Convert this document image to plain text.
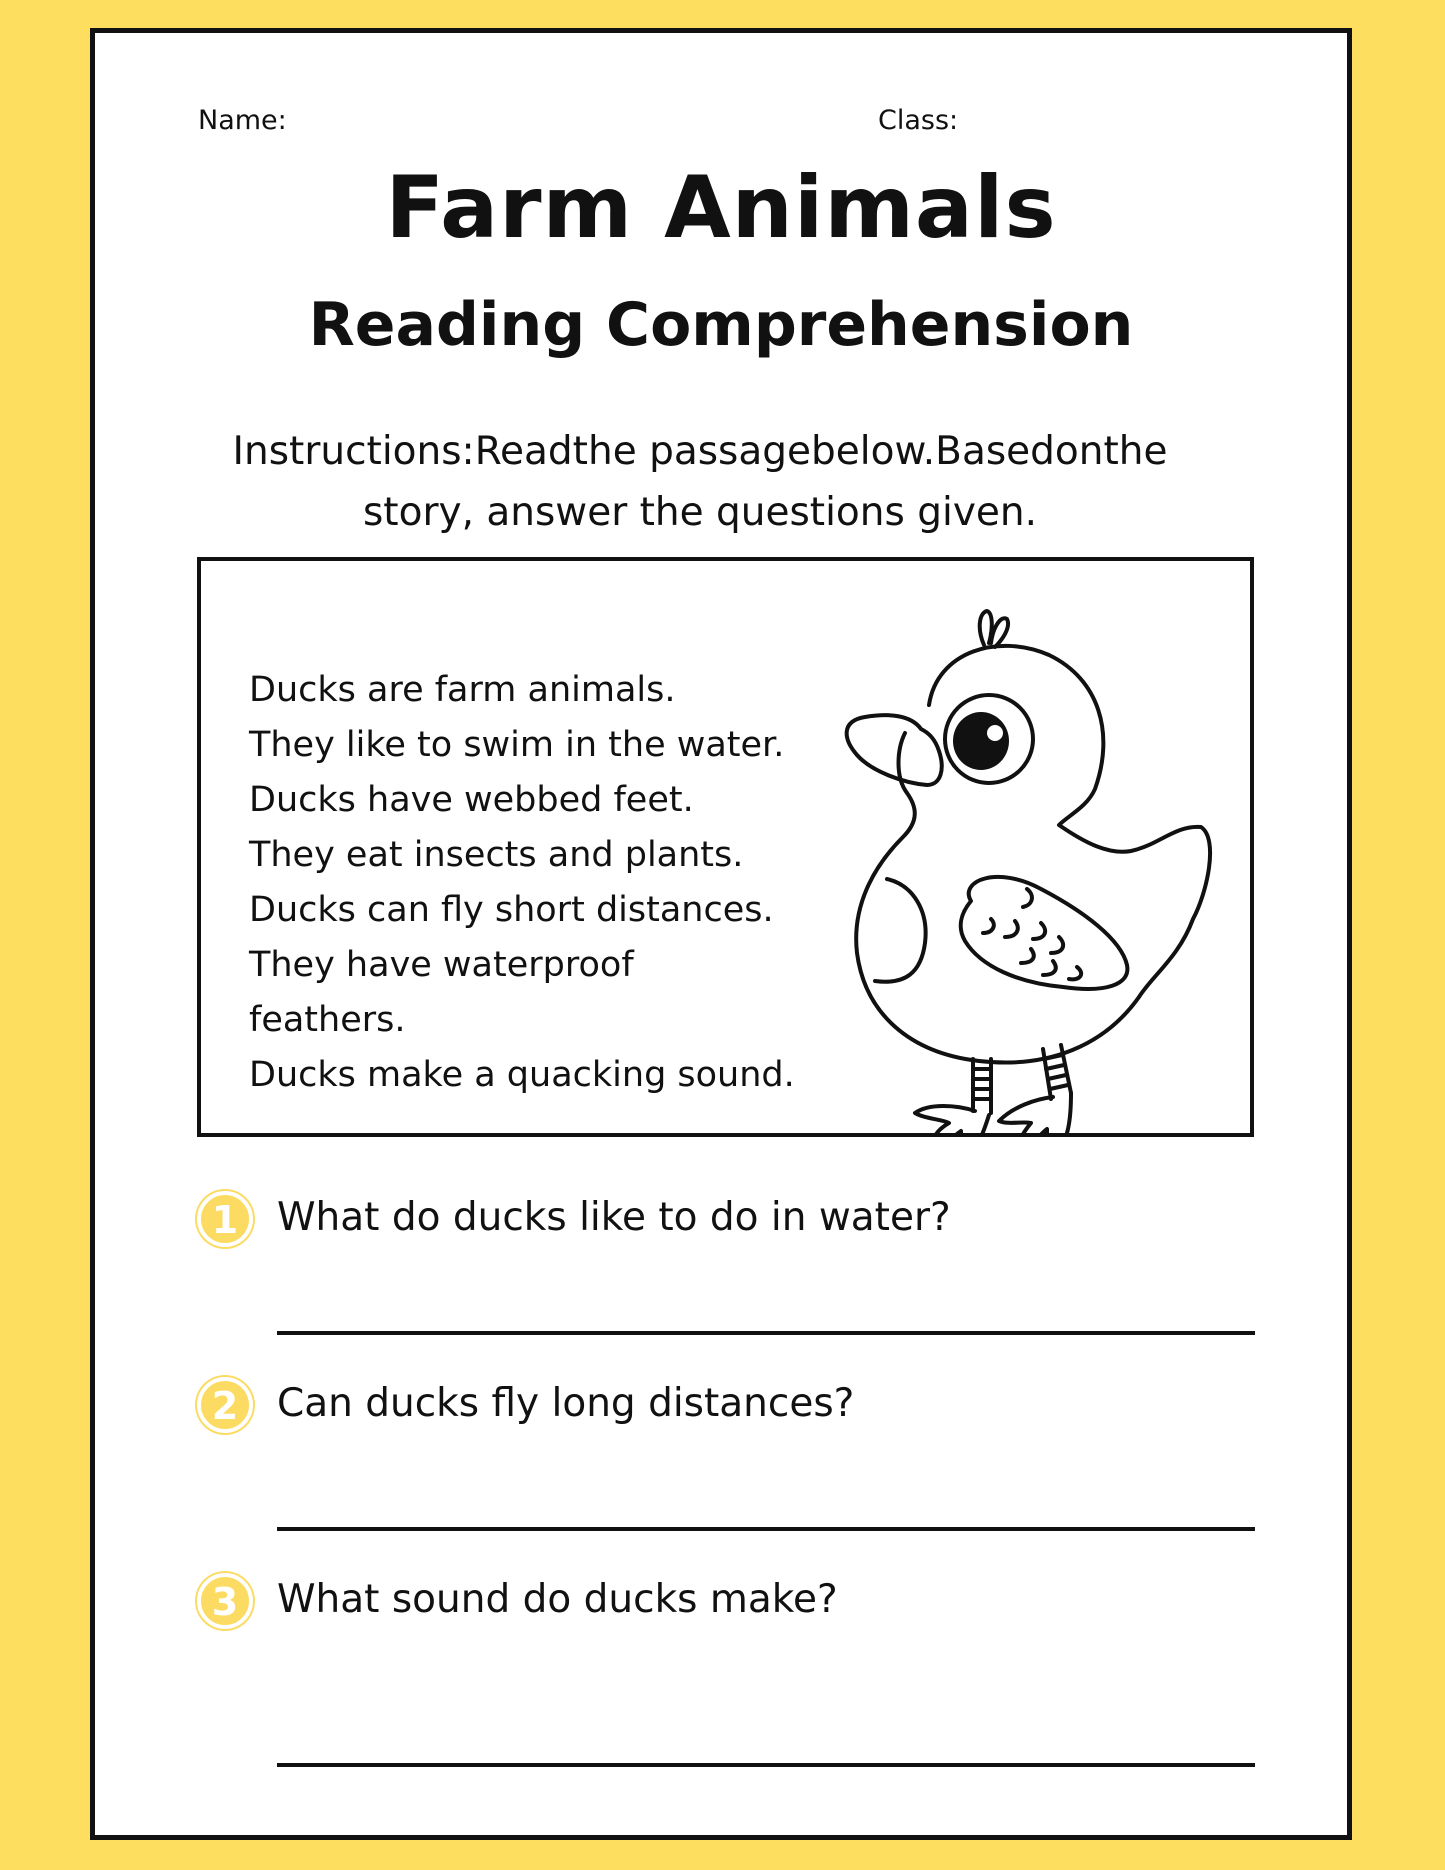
Name:	Class:
Farm Animals
Reading Comprehension
Instructions:Readthe passagebelow.Basedonthe
story, answer the questions given.
Ducks are farm animals.
They like to swim in the water.
Ducks have webbed feet.
They eat insects and plants.
Ducks can fly short distances.
They have waterproof
feathers.
Ducks make a quacking sound.
1 What do ducks like to do in water?
2 Can ducks fly long distances?
3 What sound do ducks make?
